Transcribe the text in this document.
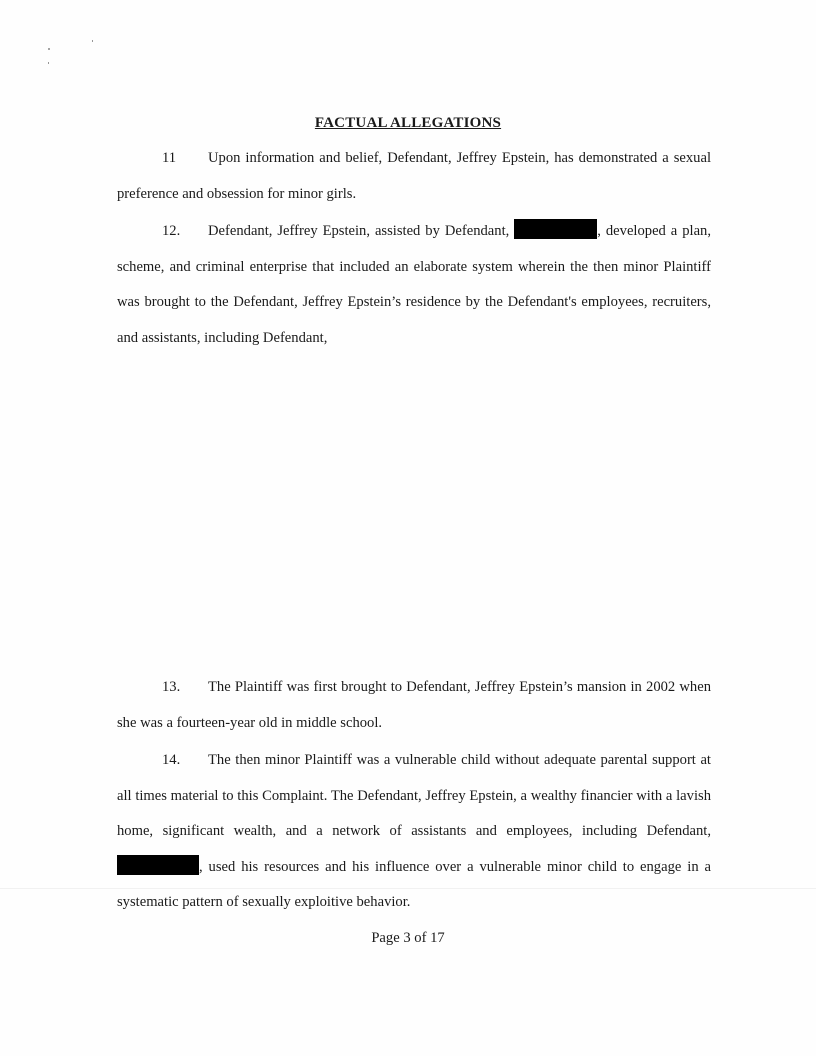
FACTUAL ALLEGATIONS

11 Upon information and belief, Defendant, Jeffrey Epstein, has demonstrated a sexual preference and obsession for minor girls.

12. Defendant, Jeffrey Epstein, assisted by Defendant,	, developed a plan, scheme, and criminal enterprise that included an elaborate system wherein the then minor Plaintiff was brought to the Defendant, Jeffrey Epstein’s residence by the Defendant's employees, recruiters, and assistants, including Defendant,

13. The Plaintiff was first brought to Defendant, Jeffrey Epstein’s mansion in 2002 when she was a fourteen-year old in middle school.

14. The then minor Plaintiff was a vulnerable child without adequate parental support at all times material to this Complaint. The Defendant, Jeffrey Epstein, a wealthy financier with a lavish home, significant wealth, and a network of assistants and employees, including Defendant, , used his resources and his influence over a vulnerable minor child to engage in a systematic pattern of sexually exploitive behavior.

Page 3 of 17
